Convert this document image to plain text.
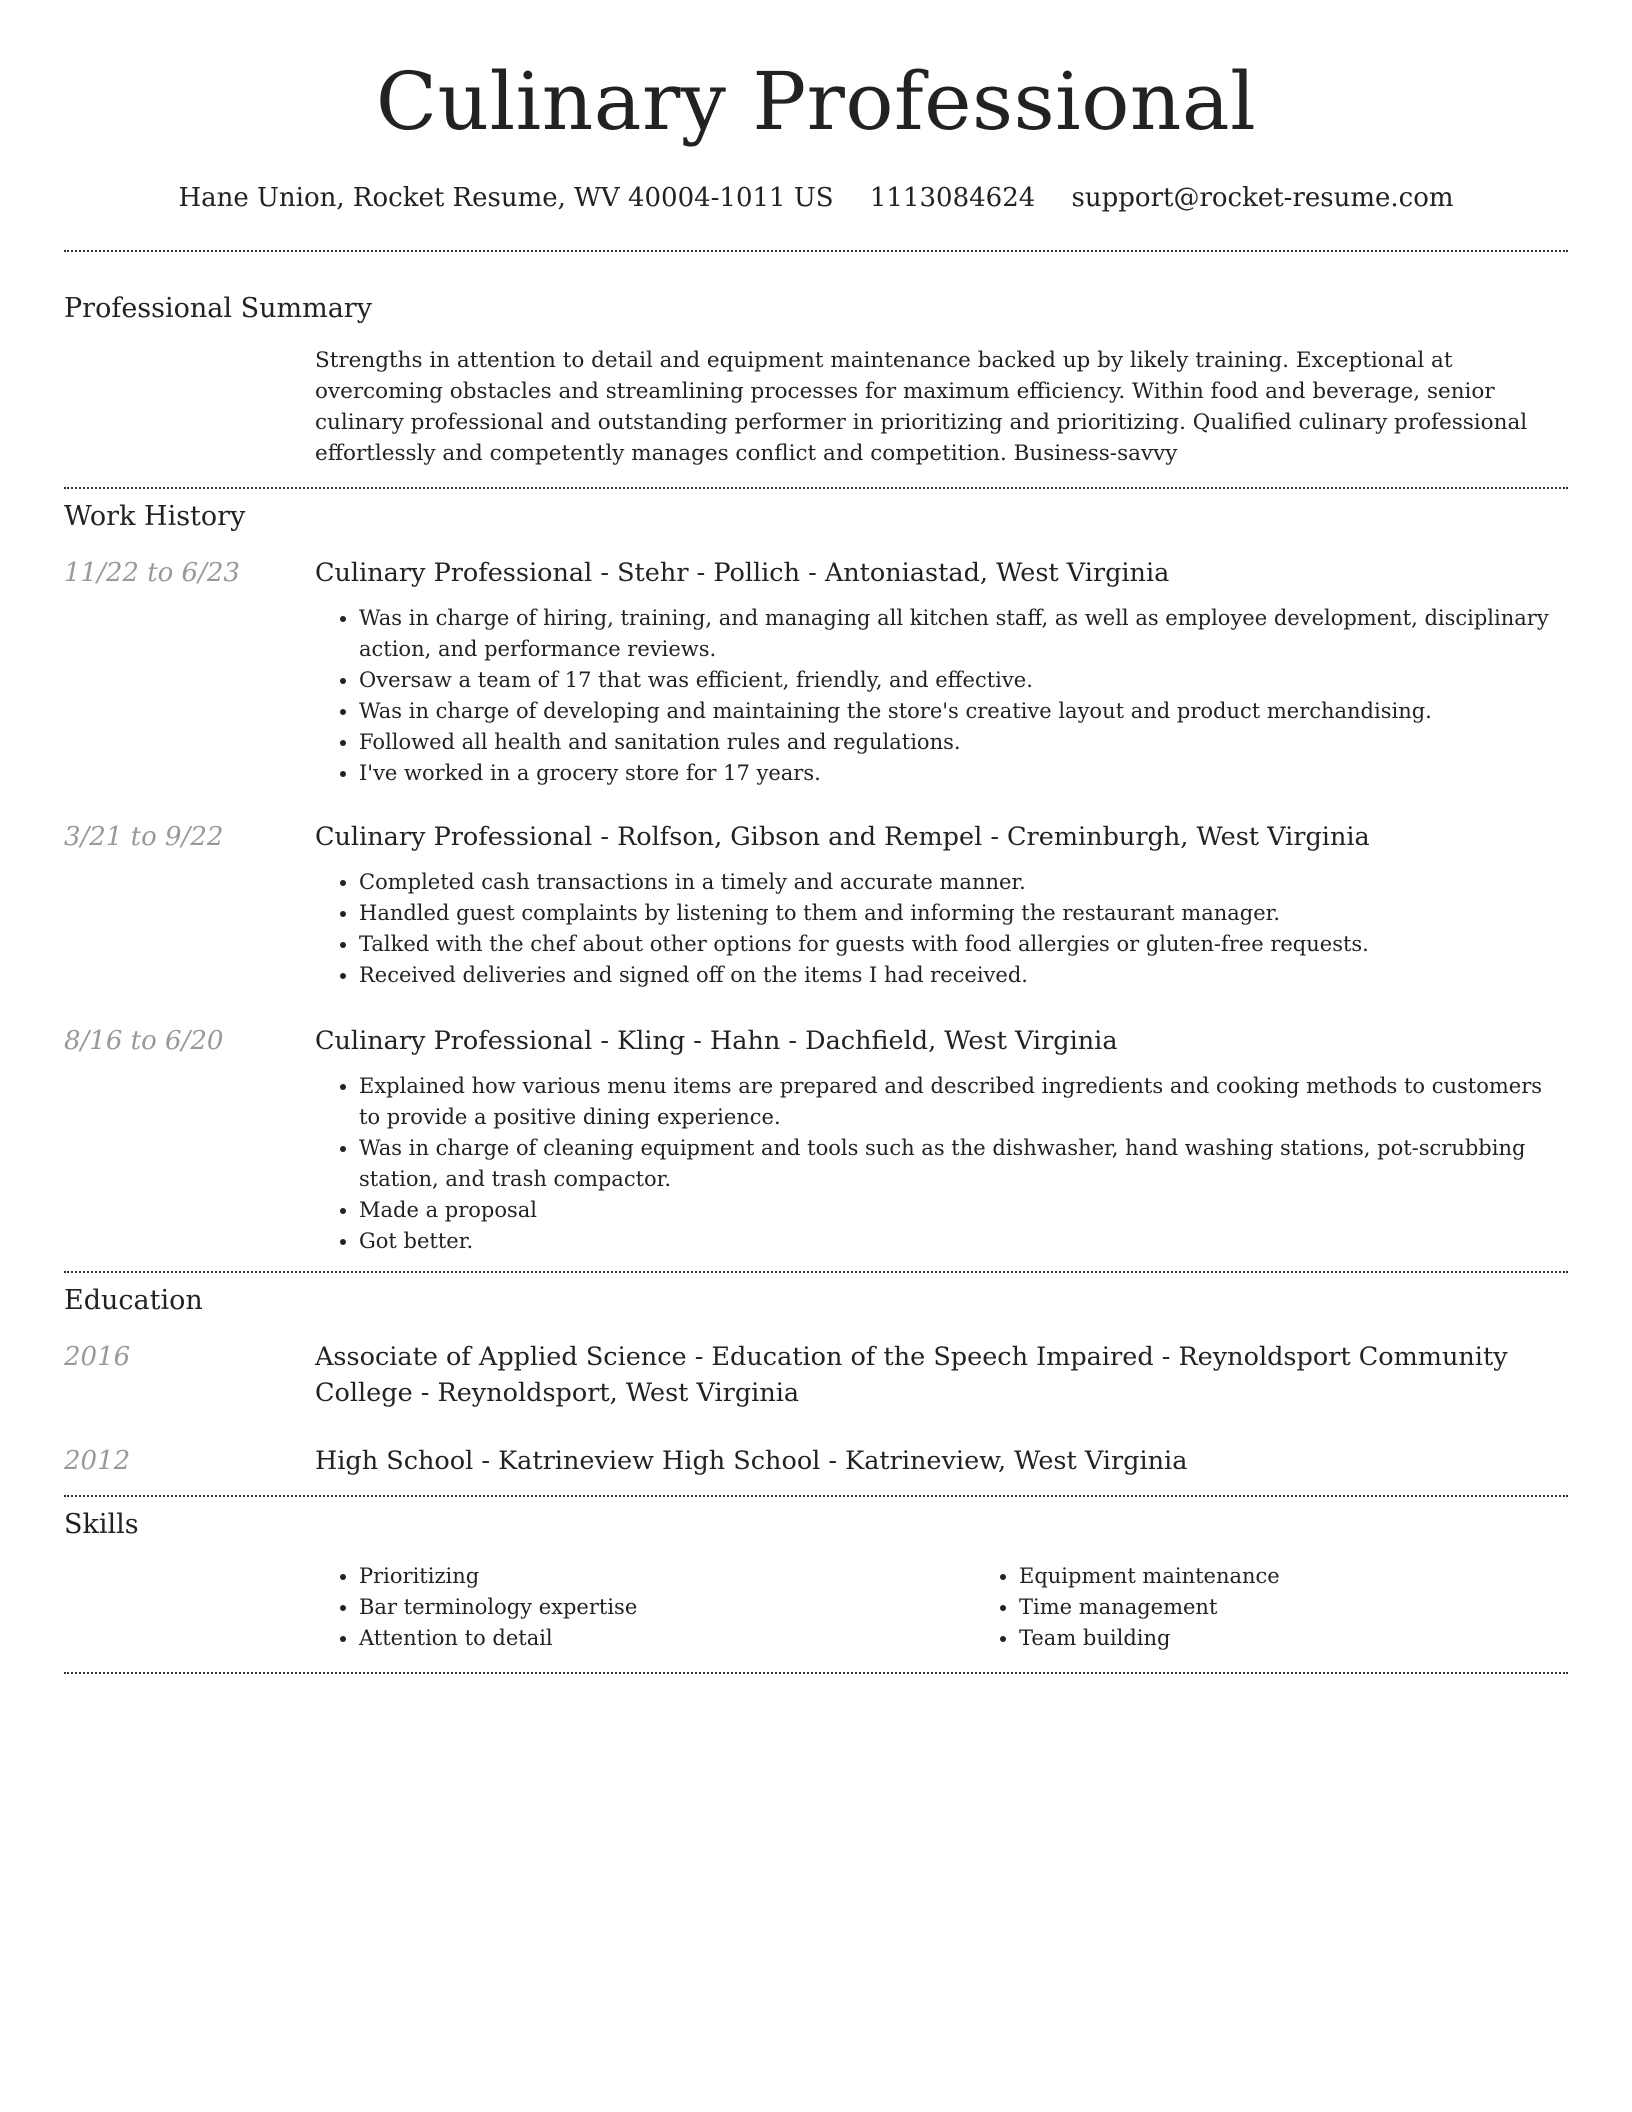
Culinary Professional
Hane Union, Rocket Resume, WV 40004-1011 US 1113084624 support@rocket-resume.com
Professional Summary
Strengths in attention to detail and equipment maintenance backed up by likely training. Exceptional at overcoming obstacles and streamlining processes for maximum efficiency. Within food and beverage, senior culinary professional and outstanding performer in prioritizing and prioritizing. Qualified culinary professional effortlessly and competently manages conflict and competition. Business-savvy
Work History
11/22 to 6/23	Culinary Professional - Stehr - Pollich - Antoniastad, West Virginia
• Was in charge of hiring, training, and managing all kitchen staff, as well as employee development, disciplinary action, and performance reviews.
• Oversaw a team of 17 that was efficient, friendly, and effective.
• Was in charge of developing and maintaining the store's creative layout and product merchandising.
• Followed all health and sanitation rules and regulations.
• I've worked in a grocery store for 17 years.
3/21 to 9/22	Culinary Professional - Rolfson, Gibson and Rempel - Creminburgh, West Virginia
• Completed cash transactions in a timely and accurate manner.
• Handled guest complaints by listening to them and informing the restaurant manager.
• Talked with the chef about other options for guests with food allergies or gluten-free requests.
• Received deliveries and signed off on the items I had received.
8/16 to 6/20	Culinary Professional - Kling - Hahn - Dachfield, West Virginia
• Explained how various menu items are prepared and described ingredients and cooking methods to customers to provide a positive dining experience.
• Was in charge of cleaning equipment and tools such as the dishwasher, hand washing stations, pot-scrubbing station, and trash compactor.
• Made a proposal
• Got better.
Education
2016	Associate of Applied Science - Education of the Speech Impaired - Reynoldsport Community College - Reynoldsport, West Virginia
2012	High School - Katrineview High School - Katrineview, West Virginia
Skills
• Prioritizing
• Bar terminology expertise
• Attention to detail
• Equipment maintenance
• Time management
• Team building
